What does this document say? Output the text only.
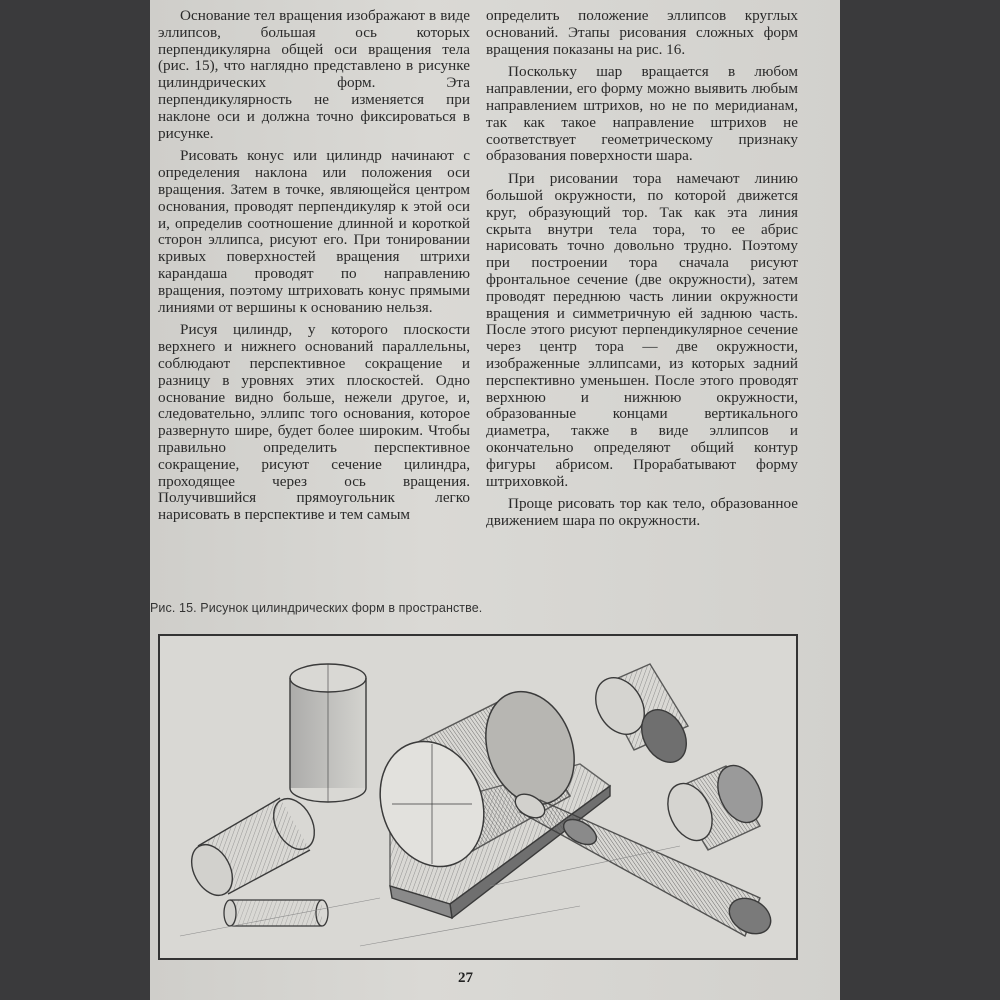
Основание тел вращения изображают в виде эллипсов, большая ось которых перпендикулярна общей оси вращения тела (рис. 15), что наглядно представлено в рисунке цилиндрических форм. Эта перпендикулярность не изменяется при наклоне оси и должна точно фиксироваться в рисунке.

Рисовать конус или цилиндр начинают с определения наклона или положения оси вращения. Затем в точке, являющейся центром основания, проводят перпендикуляр к этой оси и, определив соотношение длинной и короткой сторон эллипса, рисуют его. При тонировании кривых поверхностей вращения штрихи карандаша проводят по направлению вращения, поэтому штриховать конус прямыми линиями от вершины к основанию нельзя.

Рисуя цилиндр, у которого плоскости верхнего и нижнего оснований параллельны, соблюдают перспективное сокращение и разницу в уровнях этих плоскостей. Одно основание видно больше, нежели другое, и, следовательно, эллипс того основания, которое развернуто шире, будет более широким. Чтобы правильно определить перспективное сокращение, рисуют сечение цилиндра, проходящее через ось вращения. Получившийся прямоугольник легко нарисовать в перспективе и тем самым

определить положение эллипсов круглых оснований. Этапы рисования сложных форм вращения показаны на рис. 16.

Поскольку шар вращается в любом направлении, его форму можно выявить любым направлением штрихов, но не по меридианам, так как такое направление штрихов не соответствует геометрическому признаку образования поверхности шара.

При рисовании тора намечают линию большой окружности, по которой движется круг, образующий тор. Так как эта линия скрыта внутри тела тора, то ее абрис нарисовать точно довольно трудно. Поэтому при построении тора сначала рисуют фронтальное сечение (две окружности), затем проводят переднюю часть линии окружности вращения и симметричную ей заднюю часть. После этого рисуют перпендикулярное сечение через центр тора — две окружности, изображенные эллипсами, из которых задний перспективно уменьшен. После этого проводят верхнюю и нижнюю окружности, образованные концами вертикального диаметра, также в виде эллипсов и окончательно определяют общий контур фигуры абрисом. Прорабатывают форму штриховкой.

Проще рисовать тор как тело, образованное движением шара по окружности.

Рис. 15. Рисунок цилиндрических форм в пространстве.
27
